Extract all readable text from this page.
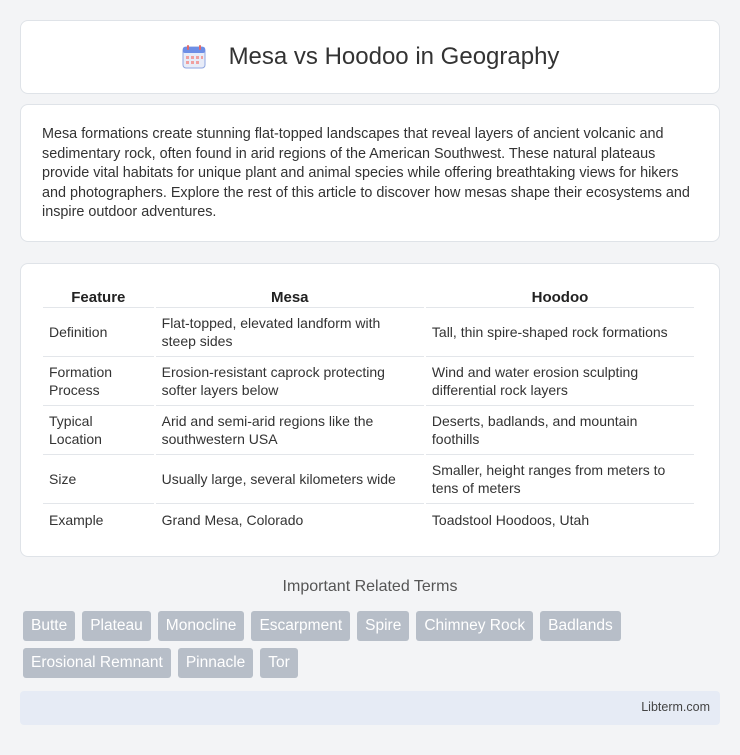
Mesa vs Hoodoo in Geography

Mesa formations create stunning flat-topped landscapes that reveal layers of ancient volcanic and sedimentary rock, often found in arid regions of the American Southwest. These natural plateaus provide vital habitats for unique plant and animal species while offering breathtaking views for hikers and photographers. Explore the rest of this article to discover how mesas shape their ecosystems and inspire outdoor adventures.

Feature	Mesa	Hoodoo
Definition	Flat-topped, elevated landform with steep sides	Tall, thin spire-shaped rock formations
Formation Process	Erosion-resistant caprock protecting softer layers below	Wind and water erosion sculpting differential rock layers
Typical Location	Arid and semi-arid regions like the southwestern USA	Deserts, badlands, and mountain foothills
Size	Usually large, several kilometers wide	Smaller, height ranges from meters to tens of meters
Example	Grand Mesa, Colorado	Toadstool Hoodoos, Utah
Important Related Terms
Butte	Plateau	Monocline	Escarpment	Spire	Chimney Rock	Badlands
Erosional Remnant	Pinnacle	Tor
Libterm.com
